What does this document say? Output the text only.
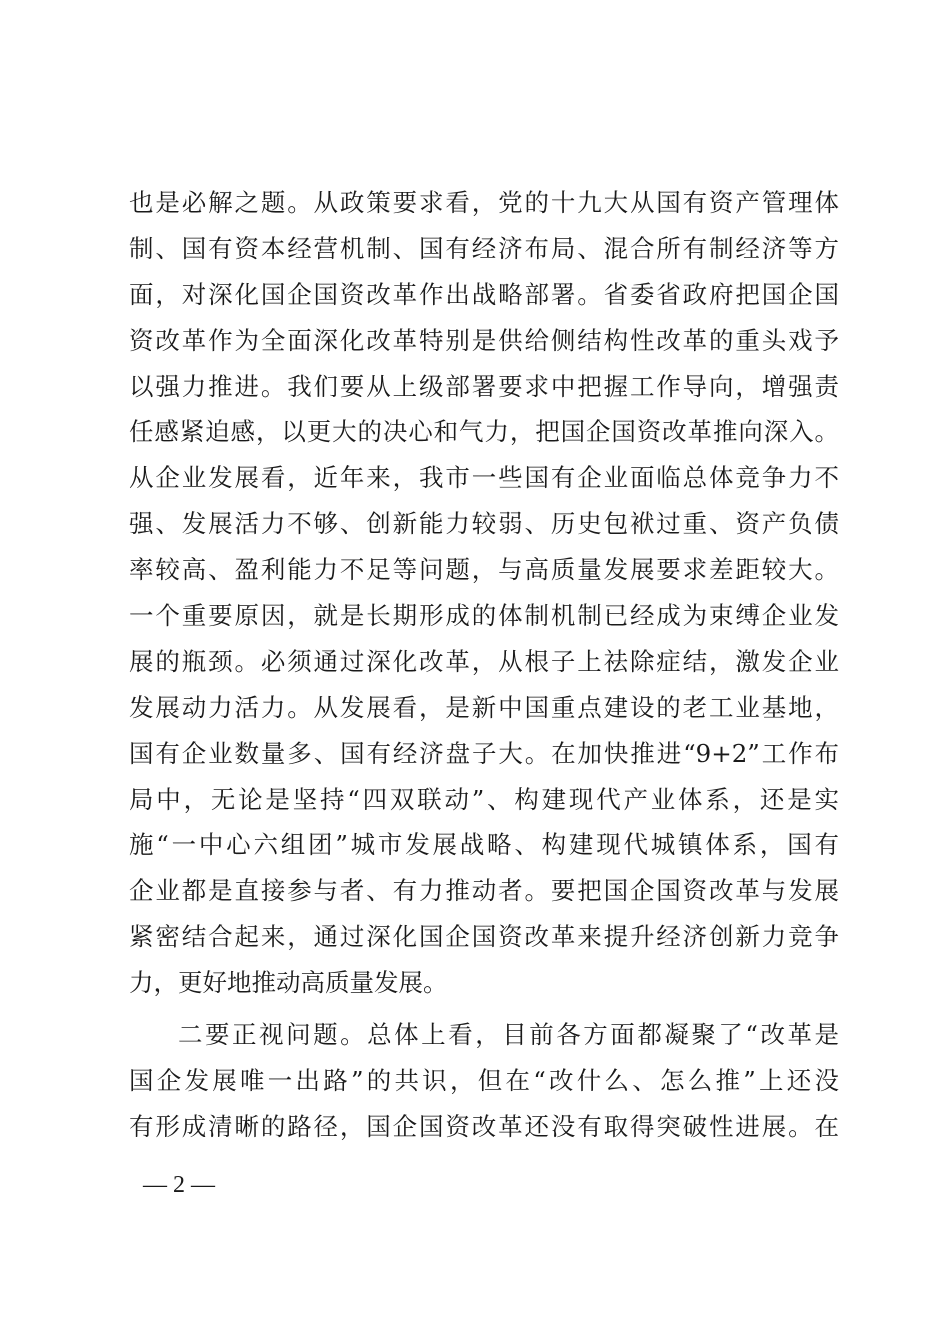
也是必解之题。从政策要求看，党的十九大从国有资产管理体
制、国有资本经营机制、国有经济布局、混合所有制经济等方
面，对深化国企国资改革作出战略部署。省委省政府把国企国
资改革作为全面深化改革特别是供给侧结构性改革的重头戏予
以强力推进。我们要从上级部署要求中把握工作导向，增强责
任感紧迫感，以更大的决心和气力，把国企国资改革推向深入。
从企业发展看，近年来，我市一些国有企业面临总体竞争力不
强、发展活力不够、创新能力较弱、历史包袱过重、资产负债
率较高、盈利能力不足等问题，与高质量发展要求差距较大。
一个重要原因，就是长期形成的体制机制已经成为束缚企业发
展的瓶颈。必须通过深化改革，从根子上祛除症结，激发企业
发展动力活力。从发展看，是新中国重点建设的老工业基地，
国有企业数量多、国有经济盘子大。在加快推进“9+2”工作布
局中，无论是坚持“四双联动”、构建现代产业体系，还是实
施“一中心六组团”城市发展战略、构建现代城镇体系，国有
企业都是直接参与者、有力推动者。要把国企国资改革与发展
紧密结合起来，通过深化国企国资改革来提升经济创新力竞争
力，更好地推动高质量发展。
二要正视问题。总体上看，目前各方面都凝聚了“改革是
国企发展唯一出路”的共识，但在“改什么、怎么推”上还没
有形成清晰的路径，国企国资改革还没有取得突破性进展。在
— 2 —
